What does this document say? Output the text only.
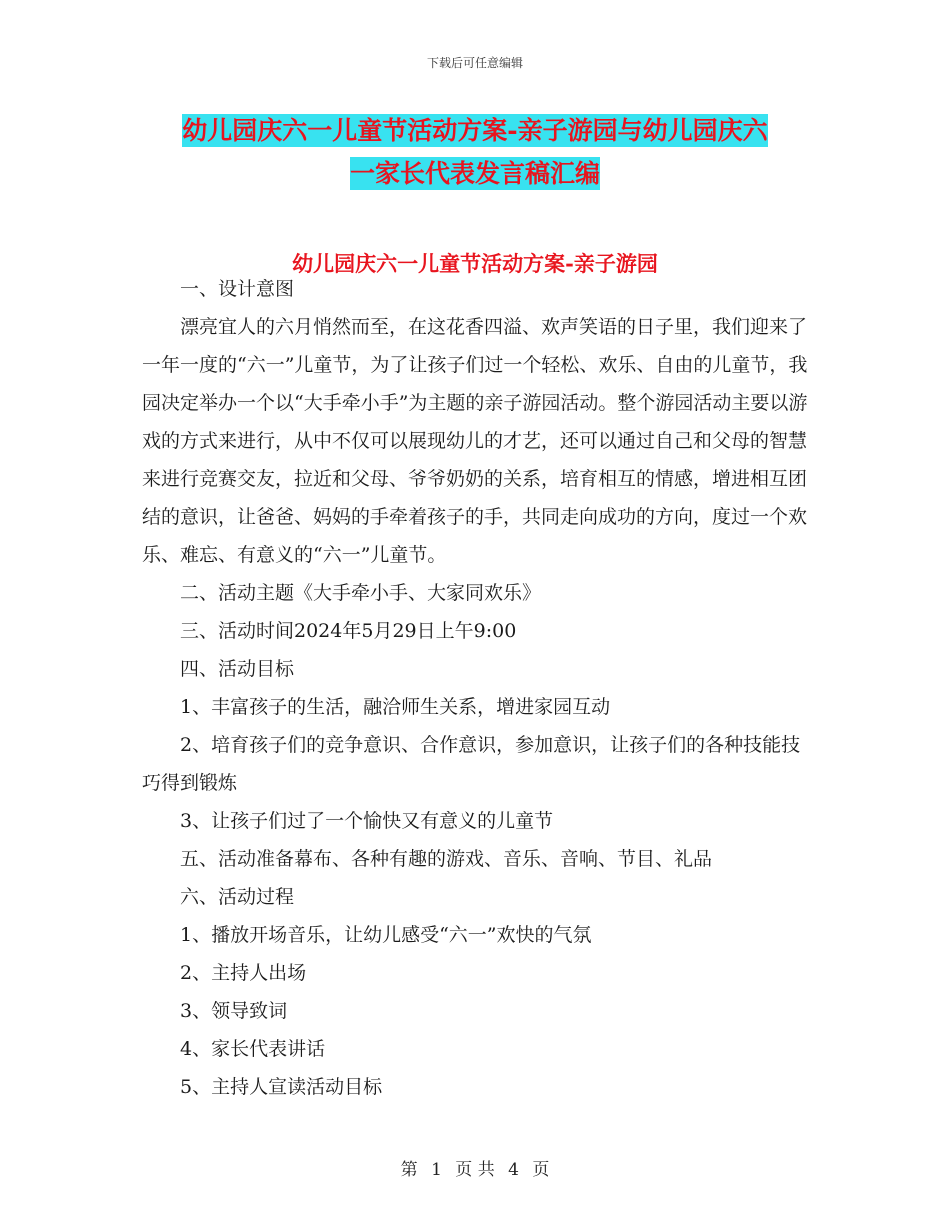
下载后可任意编辑
幼儿园庆六一儿童节活动方案-亲子游园与幼儿园庆六
一家长代表发言稿汇编
幼儿园庆六一儿童节活动方案-亲子游园

一、设计意图

漂亮宜人的六月悄然而至，在这花香四溢、欢声笑语的日子里，我们迎来了一年一度的“六一”儿童节，为了让孩子们过一个轻松、欢乐、自由的儿童节，我园决定举办一个以“大手牵小手”为主题的亲子游园活动。整个游园活动主要以游戏的方式来进行，从中不仅可以展现幼儿的才艺，还可以通过自己和父母的智慧来进行竞赛交友，拉近和父母、爷爷奶奶的关系，培育相互的情感，增进相互团结的意识，让爸爸、妈妈的手牵着孩子的手，共同走向成功的方向，度过一个欢乐、难忘、有意义的“六一”儿童节。

二、活动主题《大手牵小手、大家同欢乐》

三、活动时间2024年5月29日上午9:00

四、活动目标

1、丰富孩子的生活，融洽师生关系，增进家园互动

2、培育孩子们的竞争意识、合作意识，参加意识，让孩子们的各种技能技巧得到锻炼

3、让孩子们过了一个愉快又有意义的儿童节

五、活动准备幕布、各种有趣的游戏、音乐、音响、节目、礼品

六、活动过程

1、播放开场音乐，让幼儿感受“六一”欢快的气氛

2、主持人出场

3、领导致词

4、家长代表讲话

5、主持人宣读活动目标

第 1 页 共 4 页
